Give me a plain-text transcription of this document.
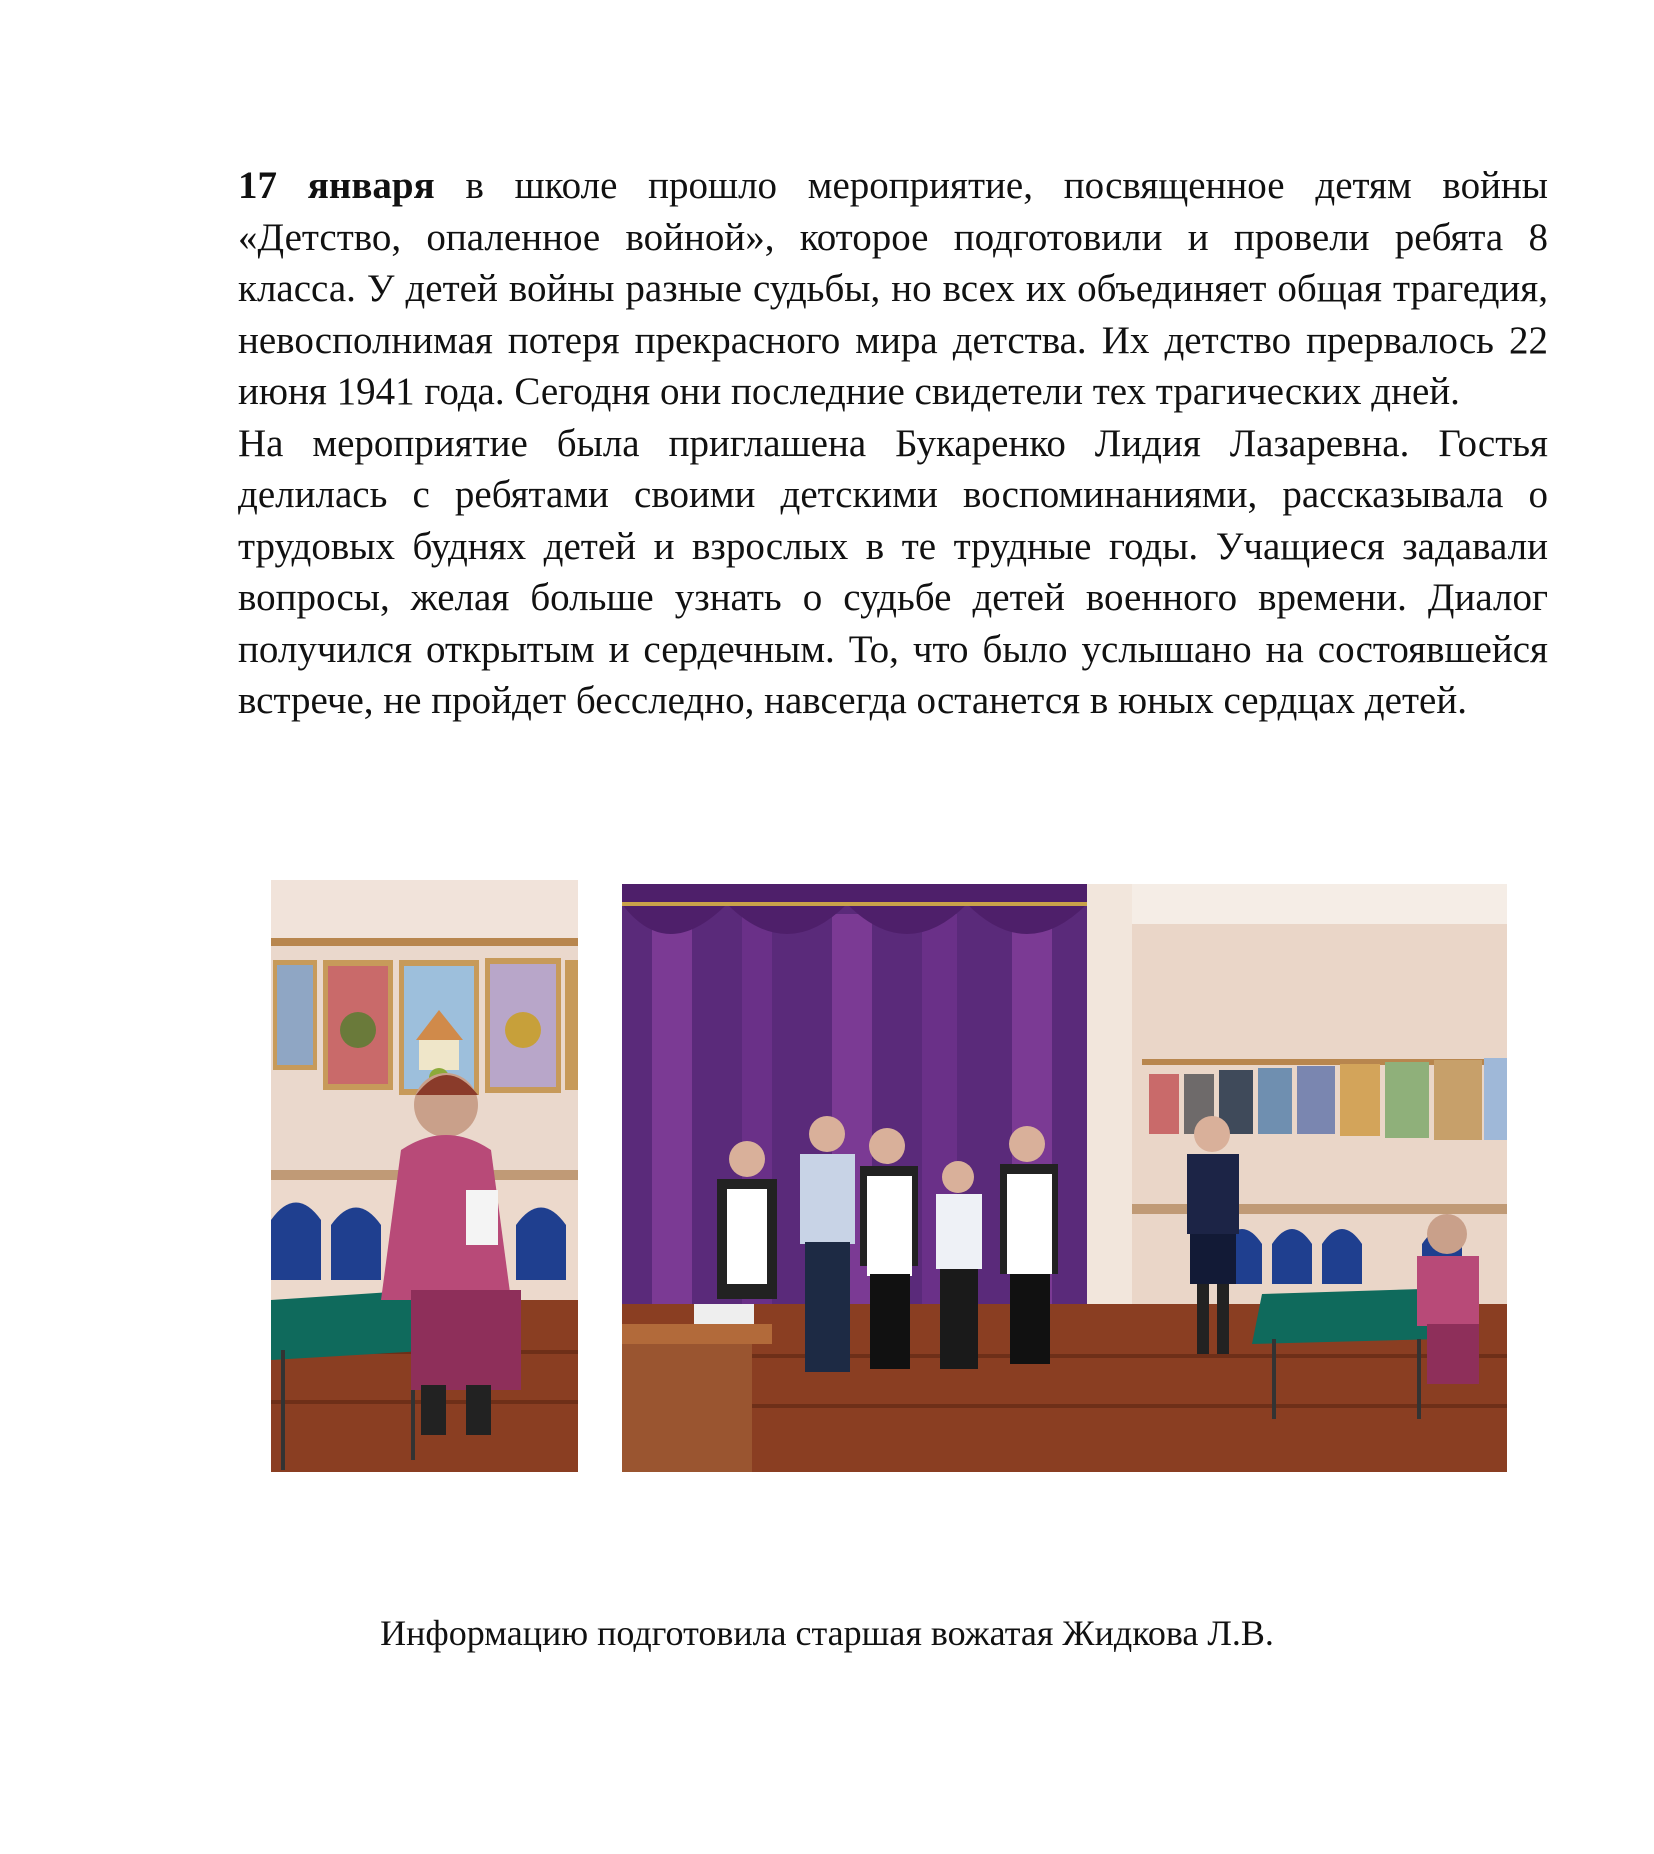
17 января в школе прошло мероприятие, посвященное детям войны «Детство, опаленное войной», которое подготовили и провели ребята 8 класса. У детей войны разные судьбы, но всех их объединяет общая трагедия, невосполнимая потеря прекрасного мира детства. Их детство прервалось 22 июня 1941 года. Сегодня они последние свидетели тех трагических дней.

На мероприятие была приглашена Букаренко Лидия Лазаревна. Гостья делилась с ребятами своими детскими воспоминаниями, рассказывала о трудовых буднях детей и взрослых в те трудные годы. Учащиеся задавали вопросы, желая больше узнать о судьбе детей военного времени. Диалог получился открытым и сердечным. То, что было услышано на состоявшейся встрече, не пройдет бесследно, навсегда останется в юных сердцах детей.

Информацию подготовила старшая вожатая Жидкова Л.В.
